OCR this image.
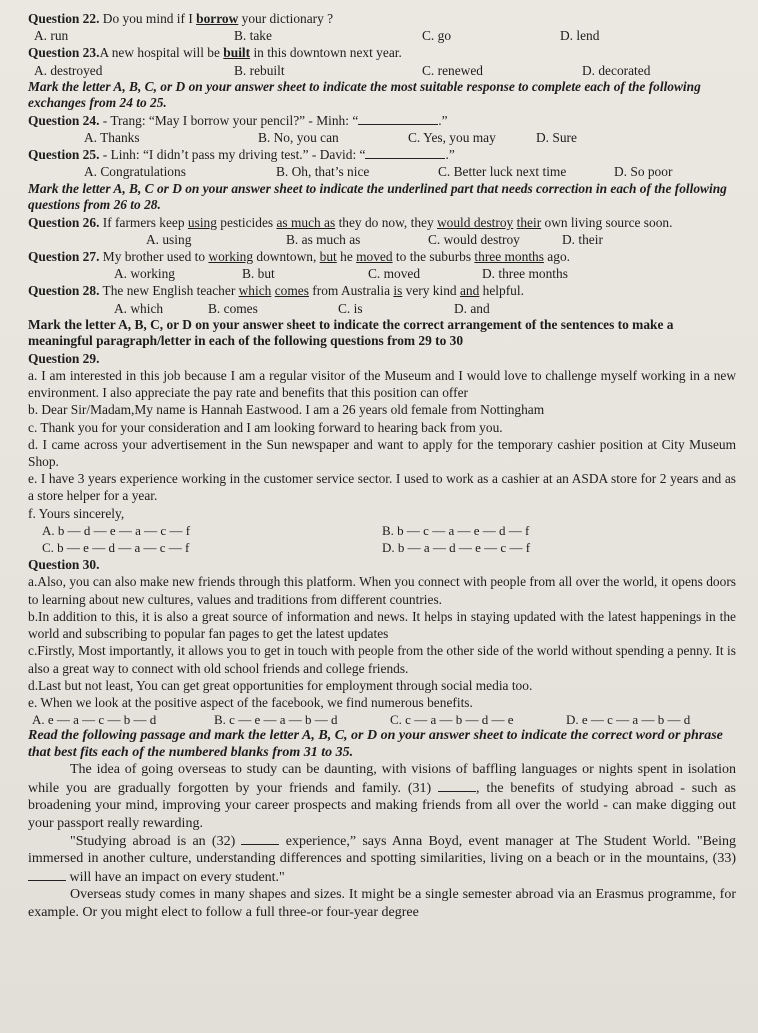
Question 22. Do you mind if I borrow your dictionary ?

A. run	B. take	C. go	D. lend

Question 23.A new hospital will be built in this downtown next year.

A. destroyed	B. rebuilt	C. renewed	D. decorated

Mark the letter A, B, C, or D on your answer sheet to indicate the most suitable response to complete each of the following exchanges from 24 to 25.

Question 24. - Trang: “May I borrow your pencil?” - Minh: “	.”

A. Thanks	B. No, you can	C. Yes, you may	D. Sure

Question 25. - Linh: “I didn’t pass my driving test.” - David: “	.”

A. Congratulations	B. Oh, that’s nice	C. Better luck next time	D. So poor

Mark the letter A, B, C or D on your answer sheet to indicate the underlined part that needs correction in each of the following questions from 26 to 28.

Question 26. If farmers keep using pesticides as much as they do now, they would destroy their own living source soon.

A. using	B. as much as	C. would destroy	D. their

Question 27. My brother used to working downtown, but he moved to the suburbs three months ago.

A. working	B. but	C. moved	D. three months

Question 28. The new English teacher which comes from Australia is very kind and helpful.

A. which	B. comes	C. is	D. and

Mark the letter A, B, C, or D on your answer sheet to indicate the correct arrangement of the sentences to make a meaningful paragraph/letter in each of the following questions from 29 to 30

Question 29.

a. I am interested in this job because I am a regular visitor of the Museum and I would love to challenge myself working in a new environment. I also appreciate the pay rate and benefits that this position can offer

b. Dear Sir/Madam,My name is Hannah Eastwood. I am a 26 years old female from Nottingham

c. Thank you for your consideration and I am looking forward to hearing back from you.

d. I came across your advertisement in the Sun newspaper and want to apply for the temporary cashier position at City Museum Shop.

e. I have 3 years experience working in the customer service sector. I used to work as a cashier at an ASDA store for 2 years and as a store helper for a year.

f. Yours sincerely,

A. b — d — e — a — c — f	B. b — c — a — e — d — f
C. b — e — d — a — c — f	D. b — a — d — e — c — f

Question 30.

a.Also, you can also make new friends through this platform. When you connect with people from all over the world, it opens doors to learning about new cultures, values and traditions from different countries.

b.In addition to this, it is also a great source of information and news. It helps in staying updated with the latest happenings in the world and subscribing to popular fan pages to get the latest updates

c.Firstly, Most importantly, it allows you to get in touch with people from the other side of the world without spending a penny. It is also a great way to connect with old school friends and college friends.

d.Last but not least, You can get great opportunities for employment through social media too.

e. When we look at the positive aspect of the facebook, we find numerous benefits.

A. e — a — c — b — d	B. c — e — a — b — d	C. c — a — b — d — e	D. e — c — a — b — d

Read the following passage and mark the letter A, B, C, or D on your answer sheet to indicate the correct word or phrase that best fits each of the numbered blanks from 31 to 35.

The idea of going overseas to study can be daunting, with visions of baffling languages or nights spent in isolation while you are gradually forgotten by your friends and family. (31)	, the benefits of studying abroad - such as broadening your mind, improving your career prospects and making friends from all over the world - can make digging out your passport really rewarding.

"Studying abroad is an (32)	experience,” says Anna Boyd, event manager at The Student World. "Being immersed in another culture, understanding differences and spotting similarities, living on a beach or in the mountains, (33)  will have an impact on every student."

Overseas study comes in many shapes and sizes. It might be a single semester abroad via an Erasmus programme, for example. Or you might elect to follow a full three-or four-year degree
